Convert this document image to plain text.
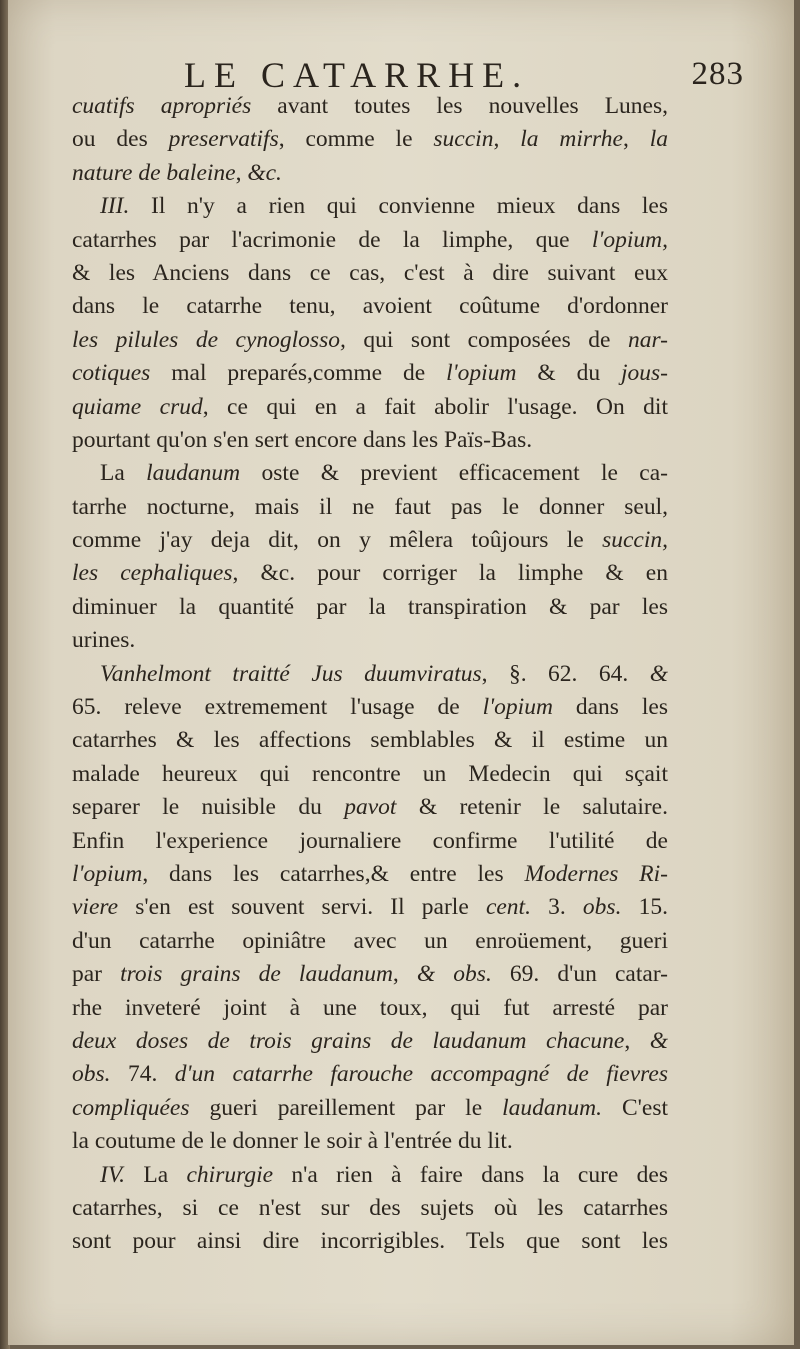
LE CATARRHE.	283
cuatifs apropriés avant toutes les nouvelles Lunes,
ou des preservatifs, comme le succin, la mirrhe, la
nature de baleine, &c.
III. Il n'y a rien qui convienne mieux dans les
catarrhes par l'acrimonie de la limphe, que l'opium,
& les Anciens dans ce cas, c'est à dire suivant eux
dans le catarrhe tenu, avoient coûtume d'ordonner
les pilules de cynoglosso, qui sont composées de nar-
cotiques mal preparés,comme de l'opium & du jous-
quiame crud, ce qui en a fait abolir l'usage. On dit
pourtant qu'on s'en sert encore dans les Païs-Bas.
La laudanum oste & previent efficacement le ca-
tarrhe nocturne, mais il ne faut pas le donner seul,
comme j'ay deja dit, on y mêlera toûjours le succin,
les cephaliques, &c. pour corriger la limphe & en
diminuer la quantité par la transpiration & par les
urines.
Vanhelmont traitté Jus duumviratus, §. 62. 64. &
65. releve extremement l'usage de l'opium dans les
catarrhes & les affections semblables & il estime un
malade heureux qui rencontre un Medecin qui sçait
separer le nuisible du pavot & retenir le salutaire.
Enfin l'experience journaliere confirme l'utilité de
l'opium, dans les catarrhes,& entre les Modernes Ri-
viere s'en est souvent servi. Il parle cent. 3. obs. 15.
d'un catarrhe opiniâtre avec un enroüement, gueri
par trois grains de laudanum, & obs. 69. d'un catar-
rhe inveteré joint à une toux, qui fut arresté par
deux doses de trois grains de laudanum chacune, &
obs. 74. d'un catarrhe farouche accompagné de fievres
compliquées gueri pareillement par le laudanum. C'est
la coutume de le donner le soir à l'entrée du lit.
IV. La chirurgie n'a rien à faire dans la cure des
catarrhes, si ce n'est sur des sujets où les catarrhes
sont pour ainsi dire incorrigibles. Tels que sont les
